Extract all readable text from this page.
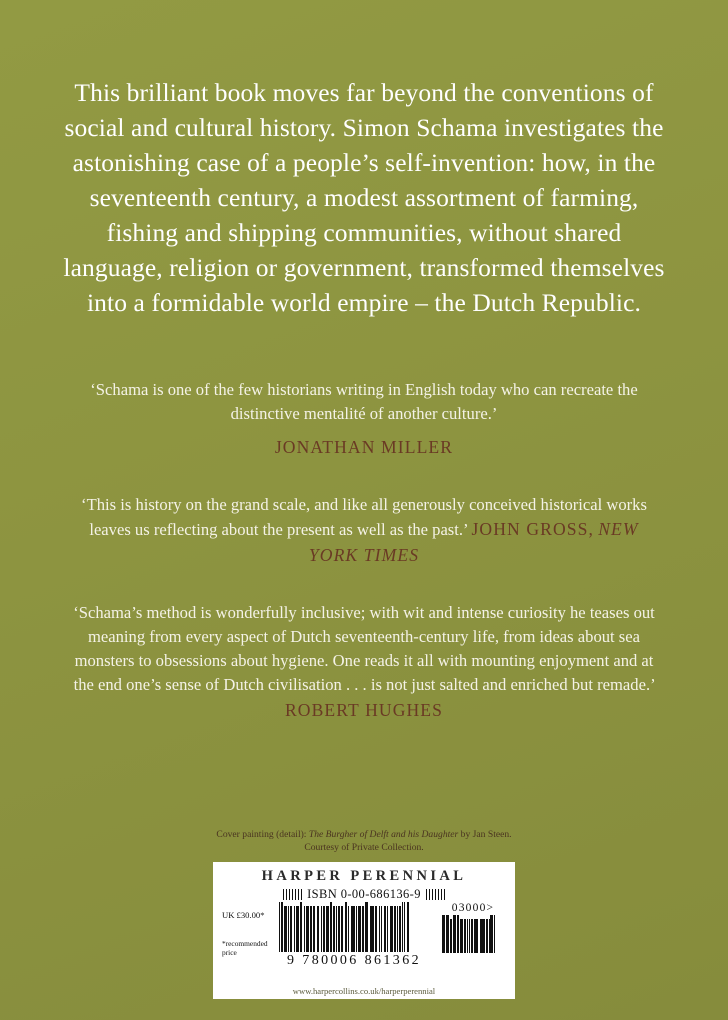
This brilliant book moves far beyond the conventions of social and cultural history. Simon Schama investigates the astonishing case of a people’s self-invention: how, in the seventeenth century, a modest assortment of farming, fishing and shipping communities, without shared language, religion or government, transformed themselves into a formidable world empire – the Dutch Republic.
‘Schama is one of the few historians writing in English today who can recreate the distinctive mentalité of another culture.’
JONATHAN MILLER
‘This is history on the grand scale, and like all generously conceived historical works leaves us reflecting about the present as well as the past.’ JOHN GROSS, NEW YORK TIMES
‘Schama’s method is wonderfully inclusive; with wit and intense curiosity he teases out meaning from every aspect of Dutch seventeenth-century life, from ideas about sea monsters to obsessions about hygiene. One reads it all with mounting enjoyment and at the end one’s sense of Dutch civilisation . . . is not just salted and enriched but remade.’ ROBERT HUGHES
Cover painting (detail): The Burgher of Delft and his Daughter by Jan Steen.
Courtesy of Private Collection.
HARPER PERENNIAL
ISBN 0-00-686136-9
UK £30.00*
*recommended price
9 780006 861362
03000>
www.harpercollins.co.uk/harperperennial
